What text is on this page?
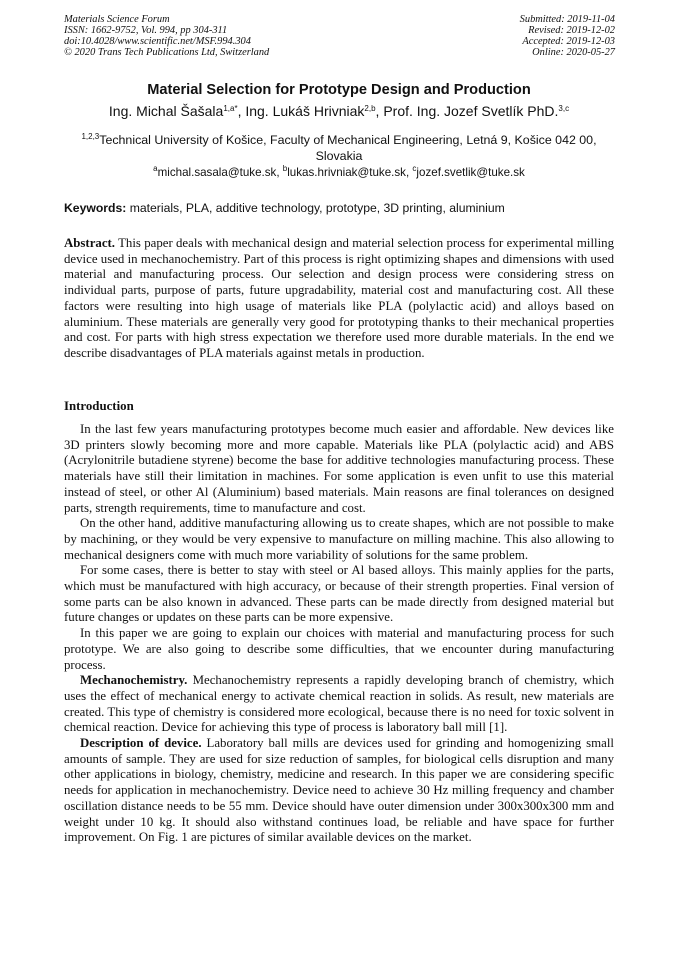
Materials Science Forum
ISSN: 1662-9752, Vol. 994, pp 304-311
doi:10.4028/www.scientific.net/MSF.994.304
© 2020 Trans Tech Publications Ltd, Switzerland
Submitted: 2019-11-04
Revised: 2019-12-02
Accepted: 2019-12-03
Online: 2020-05-27
Material Selection for Prototype Design and Production
Ing. Michal Šašala$^{1,a*}$, Ing. Lukáš Hrivniak$^{2,b}$, Prof. Ing. Jozef Svetlík PhD.$^{3,c}$
$^{1,2,3}$Technical University of Košice, Faculty of Mechanical Engineering, Letná 9, Košice 042 00, Slovakia
$^a$michal.sasala@tuke.sk, $^b$lukas.hrivniak@tuke.sk, $^c$jozef.svetlik@tuke.sk
Keywords: materials, PLA, additive technology, prototype, 3D printing, aluminium

Abstract. This paper deals with mechanical design and material selection process for experimental milling device used in mechanochemistry. Part of this process is right optimizing shapes and dimensions with used material and manufacturing process. Our selection and design process were considering stress on individual parts, purpose of parts, future upgradability, material cost and manufacturing cost. All these factors were resulting into high usage of materials like PLA (polylactic acid) and alloys based on aluminium. These materials are generally very good for prototyping thanks to their mechanical properties and cost. For parts with high stress expectation we therefore used more durable materials. In the end we describe disadvantages of PLA materials against metals in production.

Introduction

In the last few years manufacturing prototypes become much easier and affordable. New devices like 3D printers slowly becoming more and more capable. Materials like PLA (polylactic acid) and ABS (Acrylonitrile butadiene styrene) become the base for additive technologies manufacturing process. These materials have still their limitation in machines. For some application is even unfit to use this material instead of steel, or other Al (Aluminium) based materials. Main reasons are final tolerances on designed parts, strength requirements, time to manufacture and cost.

On the other hand, additive manufacturing allowing us to create shapes, which are not possible to make by machining, or they would be very expensive to manufacture on milling machine. This also allowing to mechanical designers come with much more variability of solutions for the same problem.

For some cases, there is better to stay with steel or Al based alloys. This mainly applies for the parts, which must be manufactured with high accuracy, or because of their strength properties. Final version of some parts can be also known in advanced. These parts can be made directly from designed material but future changes or updates on these parts can be more expensive.

In this paper we are going to explain our choices with material and manufacturing process for such prototype. We are also going to describe some difficulties, that we encounter during manufacturing process.

Mechanochemistry. Mechanochemistry represents a rapidly developing branch of chemistry, which uses the effect of mechanical energy to activate chemical reaction in solids. As result, new materials are created. This type of chemistry is considered more ecological, because there is no need for toxic solvent in chemical reaction. Device for achieving this type of process is laboratory ball mill [1].

Description of device. Laboratory ball mills are devices used for grinding and homogenizing small amounts of sample. They are used for size reduction of samples, for biological cells disruption and many other applications in biology, chemistry, medicine and research. In this paper we are considering specific needs for application in mechanochemistry. Device need to achieve 30 Hz milling frequency and chamber oscillation distance needs to be 55 mm. Device should have outer dimension under 300x300x300 mm and weight under 10 kg. It should also withstand continues load, be reliable and have space for further improvement. On Fig. 1 are pictures of similar available devices on the market.
